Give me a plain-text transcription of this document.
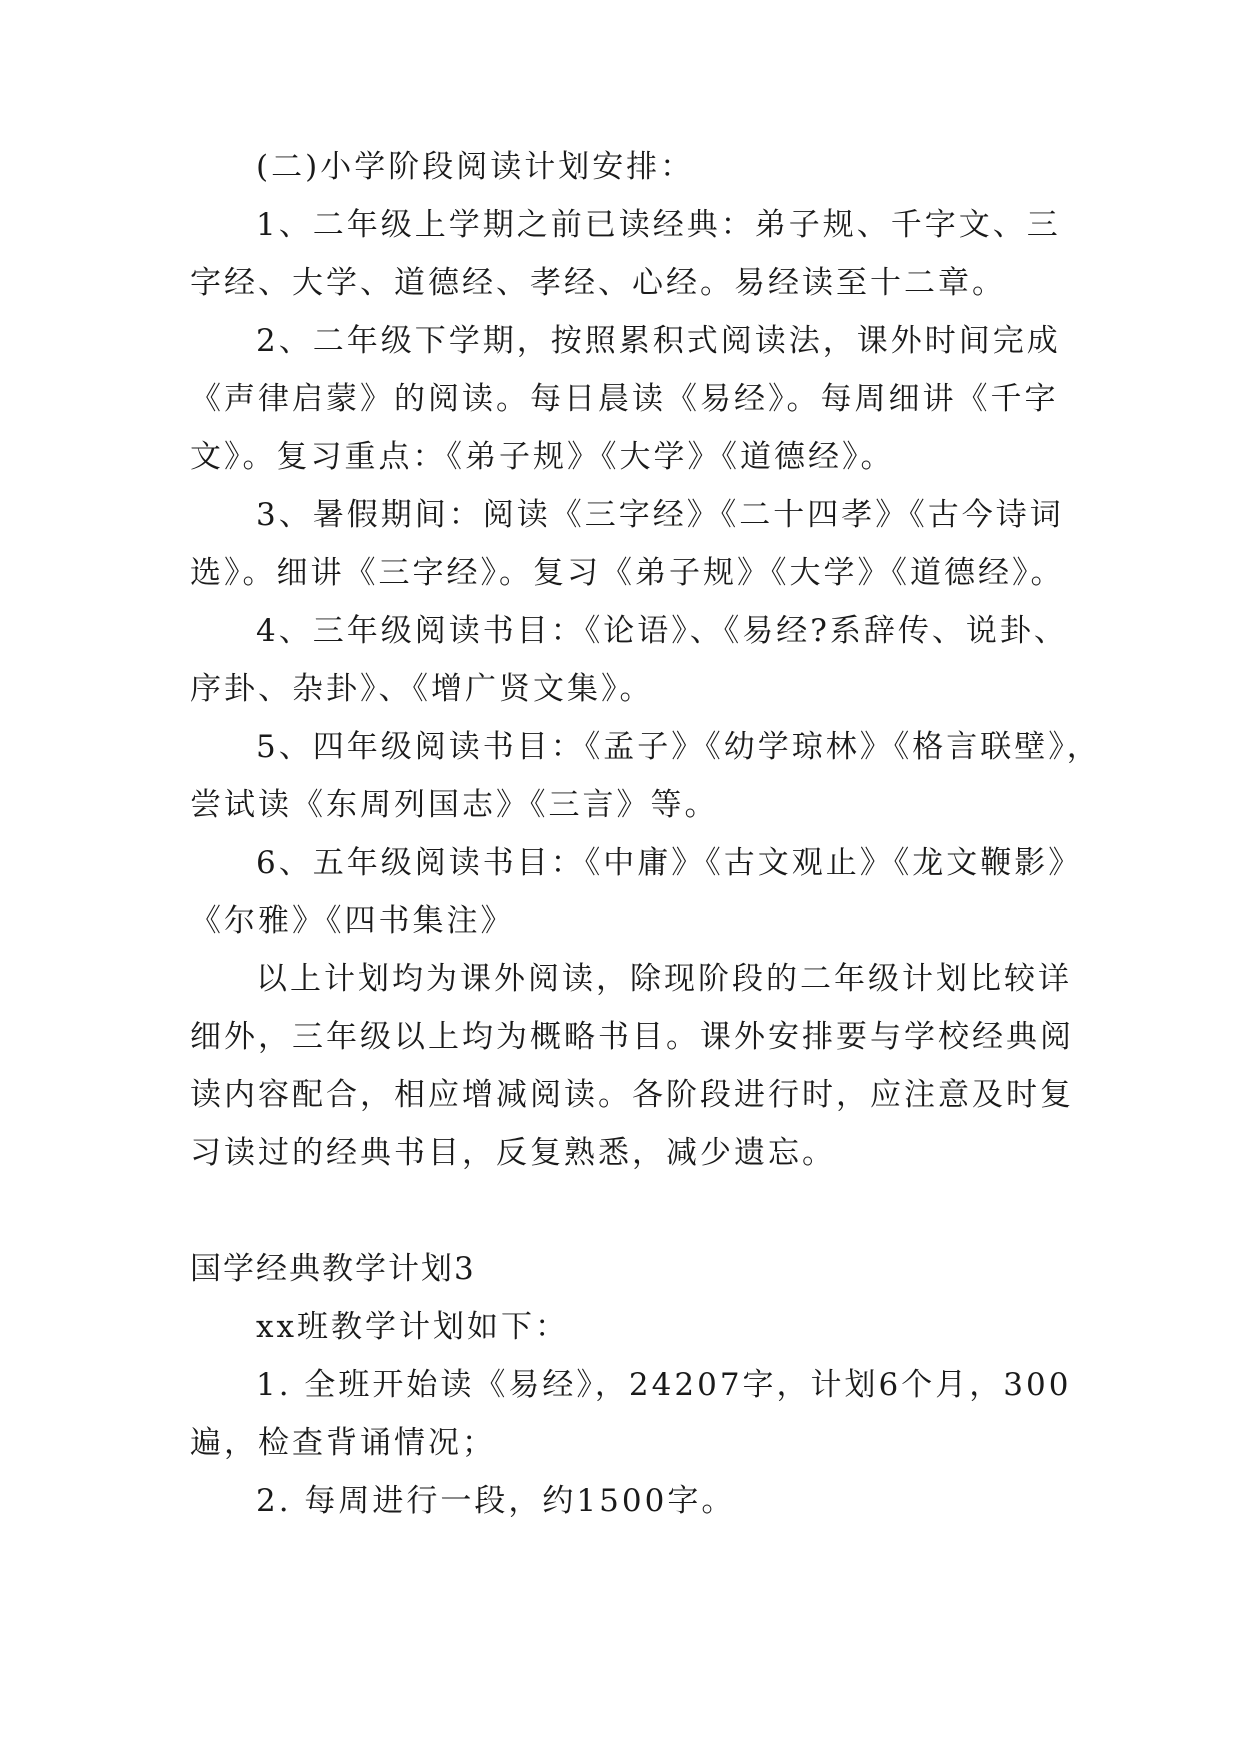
(二)小学阶段阅读计划安排：
1、二年级上学期之前已读经典：弟子规、千字文、三
字经、大学、道德经、孝经、心经。易经读至十二章。
2、二年级下学期，按照累积式阅读法，课外时间完成
《声律启蒙》的阅读。每日晨读《易经》。每周细讲《千字
文》。复习重点：《弟子规》《大学》《道德经》。
3、暑假期间：阅读《三字经》《二十四孝》《古今诗词
选》。细讲《三字经》。复习《弟子规》《大学》《道德经》。
4、三年级阅读书目：《论语》、《易经?系辞传、说卦、
序卦、杂卦》、《增广贤文集》。
5、四年级阅读书目：《孟子》《幼学琼林》《格言联壁》，
尝试读《东周列国志》《三言》等。
6、五年级阅读书目：《中庸》《古文观止》《龙文鞭影》
《尔雅》《四书集注》
以上计划均为课外阅读，除现阶段的二年级计划比较详
细外，三年级以上均为概略书目。课外安排要与学校经典阅
读内容配合，相应增减阅读。各阶段进行时，应注意及时复
习读过的经典书目，反复熟悉，减少遗忘。
国学经典教学计划3
xx班教学计划如下：
1. 全班开始读《易经》，24207字，计划6个月，300
遍，检查背诵情况；
2. 每周进行一段，约1500字。
